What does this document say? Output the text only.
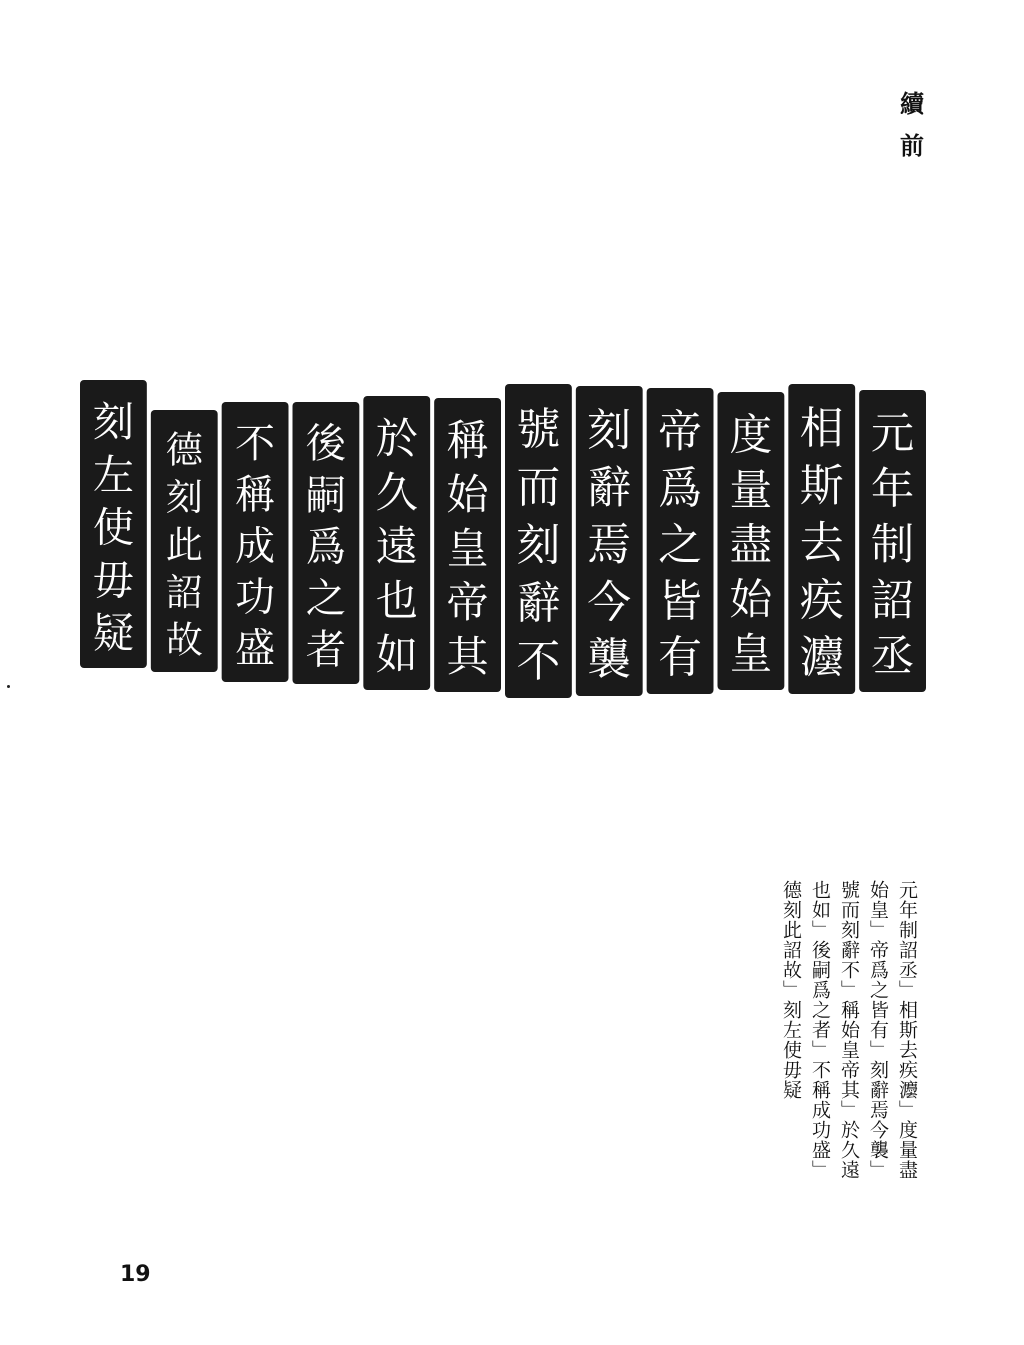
續
前
元
年
制
詔
丞
相
斯
去
疾
灋
度
量
盡
始
皇
帝
爲
之
皆
有
刻
辭
焉
今
襲
號
而
刻
辭
不
稱
始
皇
帝
其
於
久
遠
也
如
後
嗣
爲
之
者
不
稱
成
功
盛
德
刻
此
詔
故
刻
左
使
毋
疑
元年制詔丞」相斯去疾灋」度量盡
始皇」帝爲之皆有」刻辭焉今襲」
號而刻辭不」稱始皇帝其」於久遠
也如」後嗣爲之者」不稱成功盛」
德刻此詔故」刻左使毋疑
19
